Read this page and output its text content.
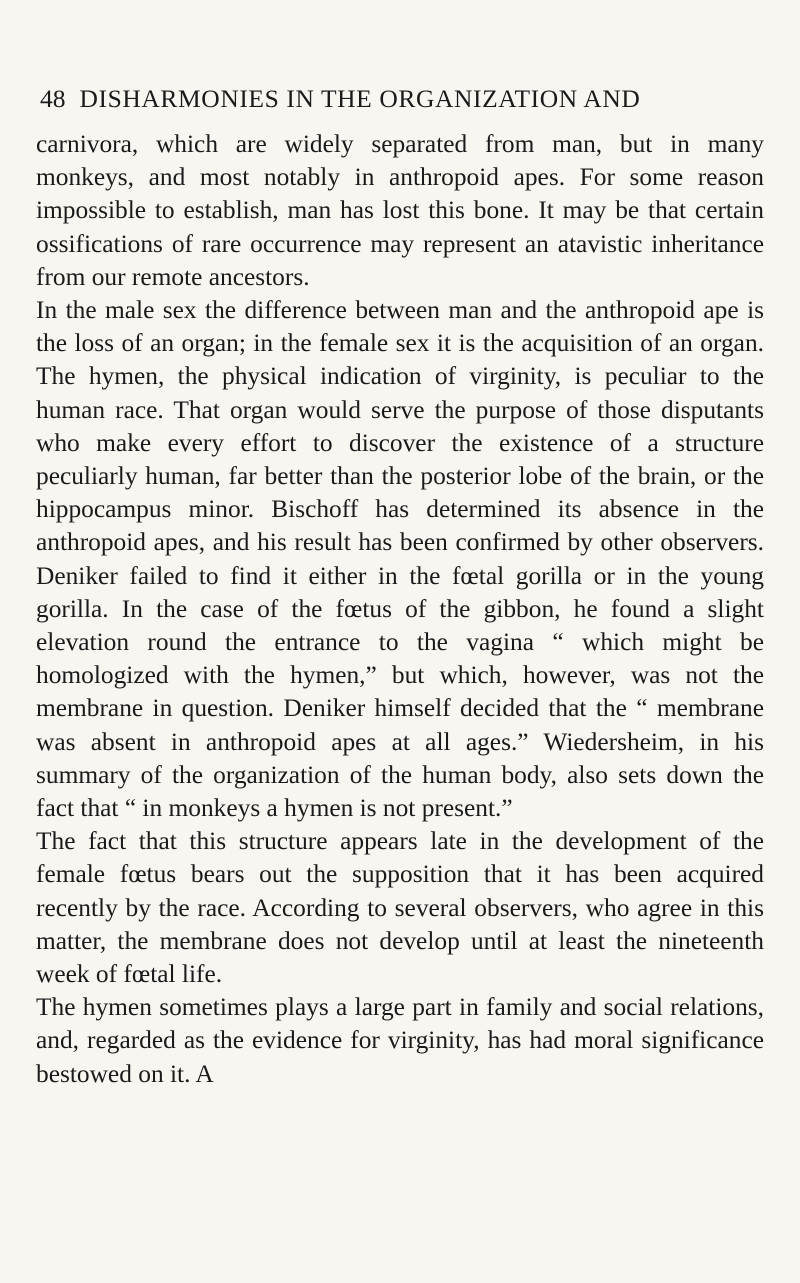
48 DISHARMONIES IN THE ORGANIZATION AND

carnivora, which are widely separated from man, but in many monkeys, and most notably in anthropoid apes. For some reason impossible to establish, man has lost this bone. It may be that certain ossifications of rare occurrence may represent an atavistic inheritance from our remote ancestors.

In the male sex the difference between man and the anthropoid ape is the loss of an organ; in the female sex it is the acquisition of an organ. The hymen, the physical indication of virginity, is peculiar to the human race. That organ would serve the purpose of those disputants who make every effort to discover the existence of a structure peculiarly human, far better than the posterior lobe of the brain, or the hippocampus minor. Bischoff has determined its absence in the anthropoid apes, and his result has been confirmed by other observers. Deniker failed to find it either in the fœtal gorilla or in the young gorilla. In the case of the fœtus of the gibbon, he found a slight elevation round the entrance to the vagina “ which might be homologized with the hymen,” but which, however, was not the membrane in question. Deniker himself decided that the “ membrane was absent in anthropoid apes at all ages.” Wiedersheim, in his summary of the organization of the human body, also sets down the fact that “ in monkeys a hymen is not present.”

The fact that this structure appears late in the development of the female fœtus bears out the supposition that it has been acquired recently by the race. According to several observers, who agree in this matter, the membrane does not develop until at least the nineteenth week of fœtal life.

The hymen sometimes plays a large part in family and social relations, and, regarded as the evidence for virginity, has had moral significance bestowed on it. A
